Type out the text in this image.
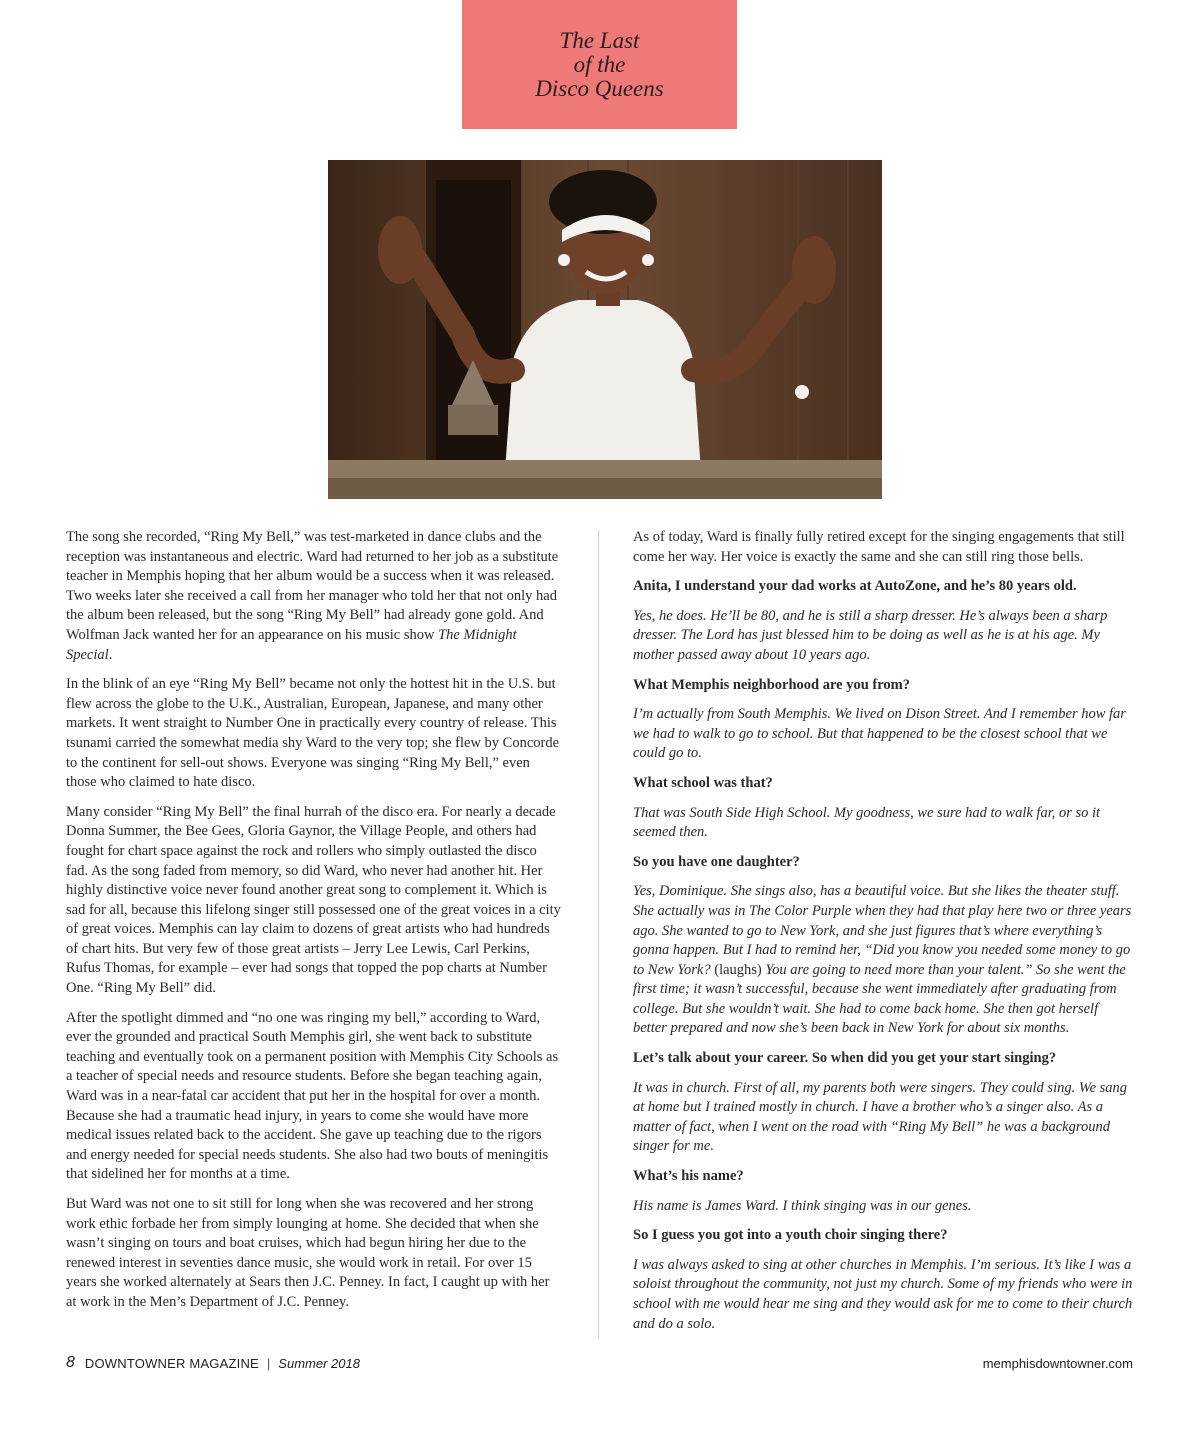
The Last
of the
Disco Queens

The song she recorded, “Ring My Bell,” was test-marketed in dance clubs and the reception was instantaneous and electric. Ward had returned to her job as a substitute teacher in Memphis hoping that her album would be a success when it was released. Two weeks later she received a call from her manager who told her that not only had the album been released, but the song “Ring My Bell” had already gone gold. And Wolfman Jack wanted her for an appearance on his music show The Midnight Special.

In the blink of an eye “Ring My Bell” became not only the hottest hit in the U.S. but flew across the globe to the U.K., Australian, European, Japanese, and many other markets. It went straight to Number One in practically every country of release. This tsunami carried the somewhat media shy Ward to the very top; she flew by Concorde to the continent for sell-out shows. Everyone was singing “Ring My Bell,” even those who claimed to hate disco.

Many consider “Ring My Bell” the final hurrah of the disco era. For nearly a decade Donna Summer, the Bee Gees, Gloria Gaynor, the Village People, and others had fought for chart space against the rock and rollers who simply outlasted the disco fad. As the song faded from memory, so did Ward, who never had another hit. Her highly distinctive voice never found another great song to complement it. Which is sad for all, because this lifelong singer still possessed one of the great voices in a city of great voices. Memphis can lay claim to dozens of great artists who had hundreds of chart hits. But very few of those great artists – Jerry Lee Lewis, Carl Perkins, Rufus Thomas, for example – ever had songs that topped the pop charts at Number One. “Ring My Bell” did.

After the spotlight dimmed and “no one was ringing my bell,” according to Ward, ever the grounded and practical South Memphis girl, she went back to substitute teaching and eventually took on a permanent position with Memphis City Schools as a teacher of special needs and resource students. Before she began teaching again, Ward was in a near-fatal car accident that put her in the hospital for over a month. Because she had a traumatic head injury, in years to come she would have more medical issues related back to the accident. She gave up teaching due to the rigors and energy needed for special needs students. She also had two bouts of meningitis that sidelined her for months at a time.

But Ward was not one to sit still for long when she was recovered and her strong work ethic forbade her from simply lounging at home. She decided that when she wasn’t singing on tours and boat cruises, which had begun hiring her due to the renewed interest in seventies dance music, she would work in retail. For over 15 years she worked alternately at Sears then J.C. Penney. In fact, I caught up with her at work in the Men’s Department of J.C. Penney.

As of today, Ward is finally fully retired except for the singing engagements that still come her way. Her voice is exactly the same and she can still ring those bells.

Anita, I understand your dad works at AutoZone, and he’s 80 years old.

Yes, he does. He’ll be 80, and he is still a sharp dresser. He’s always been a sharp dresser. The Lord has just blessed him to be doing as well as he is at his age. My mother passed away about 10 years ago.

What Memphis neighborhood are you from?

I’m actually from South Memphis. We lived on Dison Street. And I remember how far we had to walk to go to school. But that happened to be the closest school that we could go to.

What school was that?

That was South Side High School. My goodness, we sure had to walk far, or so it seemed then.

So you have one daughter?

Yes, Dominique. She sings also, has a beautiful voice. But she likes the theater stuff. She actually was in The Color Purple when they had that play here two or three years ago. She wanted to go to New York, and she just figures that’s where everything’s gonna happen. But I had to remind her, “Did you know you needed some money to go to New York? (laughs) You are going to need more than your talent.” So she went the first time; it wasn’t successful, because she went immediately after graduating from college. But she wouldn’t wait. She had to come back home. She then got herself better prepared and now she’s been back in New York for about six months.

Let’s talk about your career. So when did you get your start singing?

It was in church. First of all, my parents both were singers. They could sing. We sang at home but I trained mostly in church. I have a brother who’s a singer also. As a matter of fact, when I went on the road with “Ring My Bell” he was a background singer for me.

What’s his name?

His name is James Ward. I think singing was in our genes.

So I guess you got into a youth choir singing there?

I was always asked to sing at other churches in Memphis. I’m serious. It’s like I was a soloist throughout the community, not just my church. Some of my friends who were in school with me would hear me sing and they would ask for me to come to their church and do a solo.

8 DOWNTOWNER MAGAZINE | Summer 2018	memphisdowntowner.com
